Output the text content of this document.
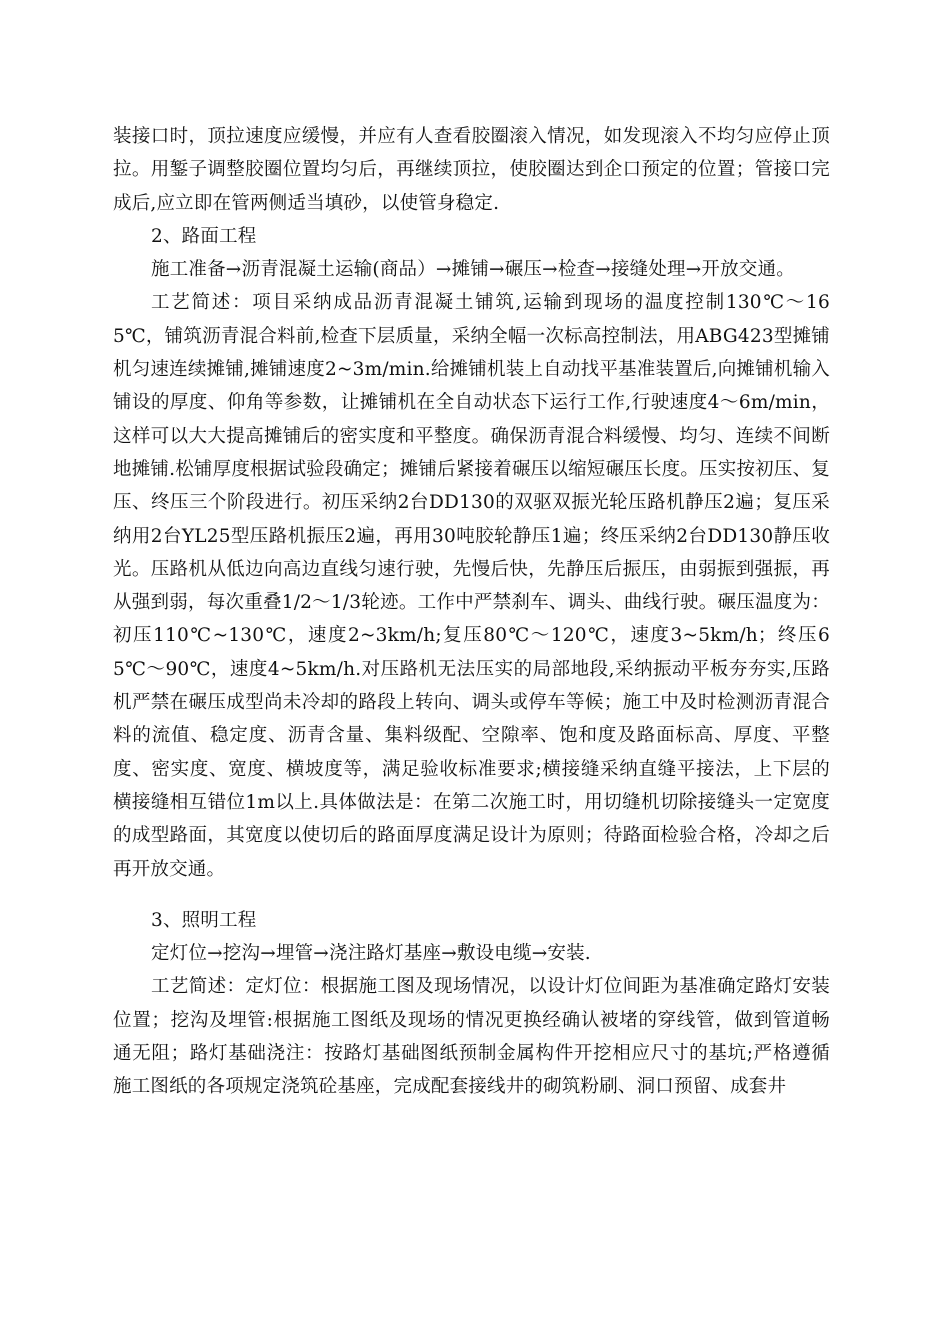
装接口时，顶拉速度应缓慢，并应有人查看胶圈滚入情况，如发现滚入不均匀应停止顶拉。用錾子调整胶圈位置均匀后，再继续顶拉，使胶圈达到企口预定的位置；管接口完成后,应立即在管两侧适当填砂，以使管身稳定.

2、路面工程

施工准备→沥青混凝土运输(商品）→摊铺→碾压→检查→接缝处理→开放交通。

工艺简述：项目采纳成品沥青混凝土铺筑,运输到现场的温度控制130℃～165℃，铺筑沥青混合料前,检查下层质量，采纳全幅一次标高控制法，用ABG423型摊铺机匀速连续摊铺,摊铺速度2~3m/min.给摊铺机装上自动找平基准装置后,向摊铺机输入铺设的厚度、仰角等参数，让摊铺机在全自动状态下运行工作,行驶速度4～6m/min，这样可以大大提高摊铺后的密实度和平整度。确保沥青混合料缓慢、均匀、连续不间断地摊铺.松铺厚度根据试验段确定；摊铺后紧接着碾压以缩短碾压长度。压实按初压、复压、终压三个阶段进行。初压采纳2台DD130的双驱双振光轮压路机静压2遍；复压采纳用2台YL25型压路机振压2遍，再用30吨胶轮静压1遍；终压采纳2台DD130静压收光。压路机从低边向高边直线匀速行驶，先慢后快，先静压后振压，由弱振到强振，再从强到弱，每次重叠1/2～1/3轮迹。工作中严禁刹车、调头、曲线行驶。碾压温度为：初压110℃~130℃，速度2~3km/h;复压80℃～120℃，速度3~5km/h；终压65℃～90℃，速度4~5km/h.对压路机无法压实的局部地段,采纳振动平板夯夯实,压路机严禁在碾压成型尚未冷却的路段上转向、调头或停车等候；施工中及时检测沥青混合料的流值、稳定度、沥青含量、集料级配、空隙率、饱和度及路面标高、厚度、平整度、密实度、宽度、横坡度等，满足验收标准要求;横接缝采纳直缝平接法，上下层的横接缝相互错位1m以上.具体做法是：在第二次施工时，用切缝机切除接缝头一定宽度的成型路面，其宽度以使切后的路面厚度满足设计为原则；待路面检验合格，冷却之后再开放交通。

3、照明工程

定灯位→挖沟→埋管→浇注路灯基座→敷设电缆→安装.

工艺简述：定灯位：根据施工图及现场情况，以设计灯位间距为基准确定路灯安装位置；挖沟及埋管:根据施工图纸及现场的情况更换经确认被堵的穿线管，做到管道畅通无阻；路灯基础浇注：按路灯基础图纸预制金属构件开挖相应尺寸的基坑;严格遵循施工图纸的各项规定浇筑砼基座，完成配套接线井的砌筑粉刷、洞口预留、成套井
